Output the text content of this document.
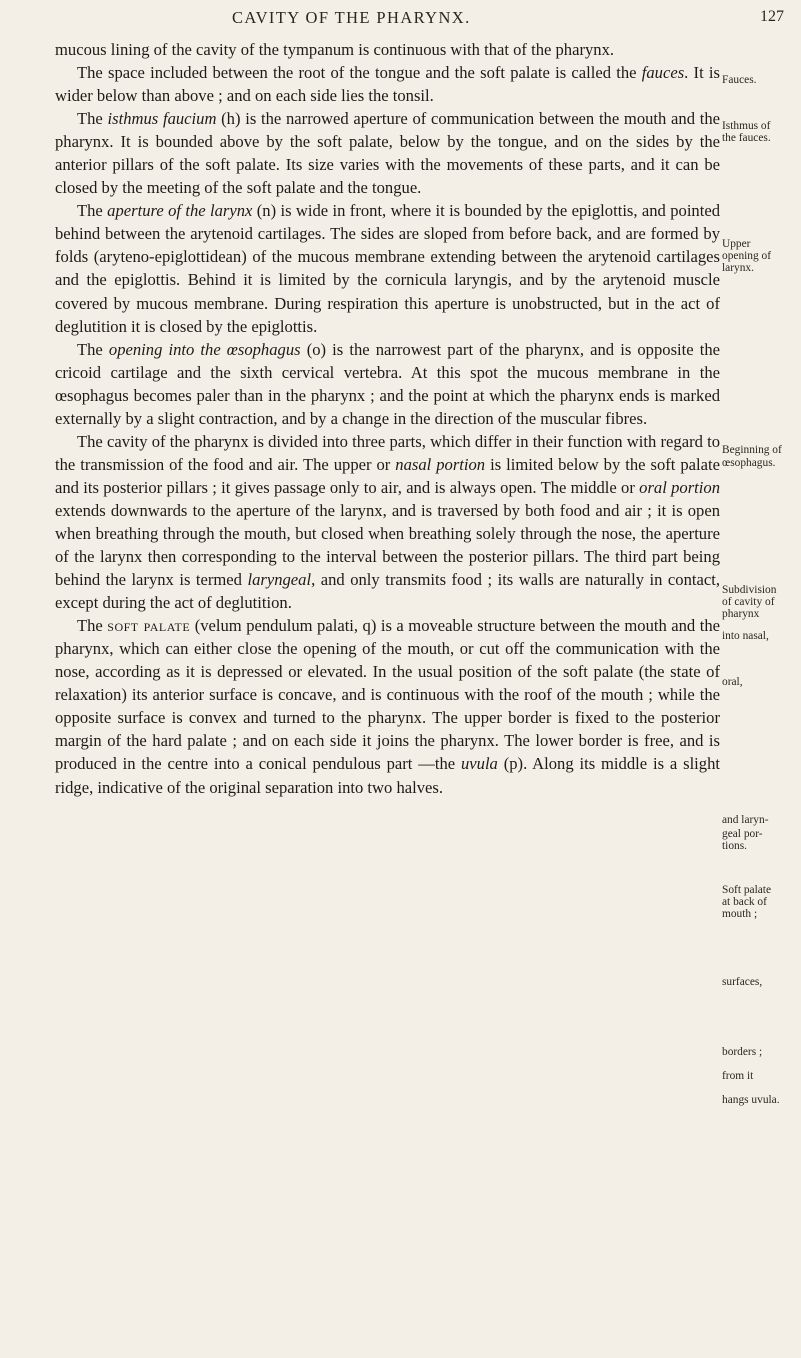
CAVITY OF THE PHARYNX.	127

mucous lining of the cavity of the tympanum is continuous with that of the pharynx.

The space included between the root of the tongue and the soft palate is called the fauces. It is wider below than above ; and on each side lies the tonsil.

The isthmus faucium (h) is the narrowed aperture of communication between the mouth and the pharynx. It is bounded above by the soft palate, below by the tongue, and on the sides by the anterior pillars of the soft palate. Its size varies with the movements of these parts, and it can be closed by the meeting of the soft palate and the tongue.

The aperture of the larynx (n) is wide in front, where it is bounded by the epiglottis, and pointed behind between the arytenoid cartilages. The sides are sloped from before back, and are formed by folds (aryteno-epiglottidean) of the mucous membrane extending between the arytenoid cartilages and the epiglottis. Behind it is limited by the cornicula laryngis, and by the arytenoid muscle covered by mucous membrane. During respiration this aperture is unobstructed, but in the act of deglutition it is closed by the epiglottis.

The opening into the œsophagus (o) is the narrowest part of the pharynx, and is opposite the cricoid cartilage and the sixth cervical vertebra. At this spot the mucous membrane in the œsophagus becomes paler than in the pharynx ; and the point at which the pharynx ends is marked externally by a slight contraction, and by a change in the direction of the muscular fibres.

The cavity of the pharynx is divided into three parts, which differ in their function with regard to the transmission of the food and air. The upper or nasal portion is limited below by the soft palate and its posterior pillars ; it gives passage only to air, and is always open. The middle or oral portion extends downwards to the aperture of the larynx, and is traversed by both food and air ; it is open when breathing through the mouth, but closed when breathing solely through the nose, the aperture of the larynx then corresponding to the interval between the posterior pillars. The third part being behind the larynx is termed laryngeal, and only transmits food ; its walls are naturally in contact, except during the act of deglutition.

The soft palate (velum pendulum palati, q) is a moveable structure between the mouth and the pharynx, which can either close the opening of the mouth, or cut off the communication with the nose, according as it is depressed or elevated. In the usual position of the soft palate (the state of relaxation) its anterior surface is concave, and is continuous with the roof of the mouth ; while the opposite surface is convex and turned to the pharynx. The upper border is fixed to the posterior margin of the hard palate ; and on each side it joins the pharynx. The lower border is free, and is produced in the centre into a conical pendulous part —the uvula (p). Along its middle is a slight ridge, indicative of the original separation into two halves.

Fauces.
Isthmus of
the fauces.
Upper
opening of
larynx.
Beginning of
œsophagus.
Subdivision
of cavity of
pharynx
into nasal,
oral,
and laryn-
geal por-
tions.
Soft palate
at back of
mouth ;
surfaces,
borders ;
from it
hangs uvula.
